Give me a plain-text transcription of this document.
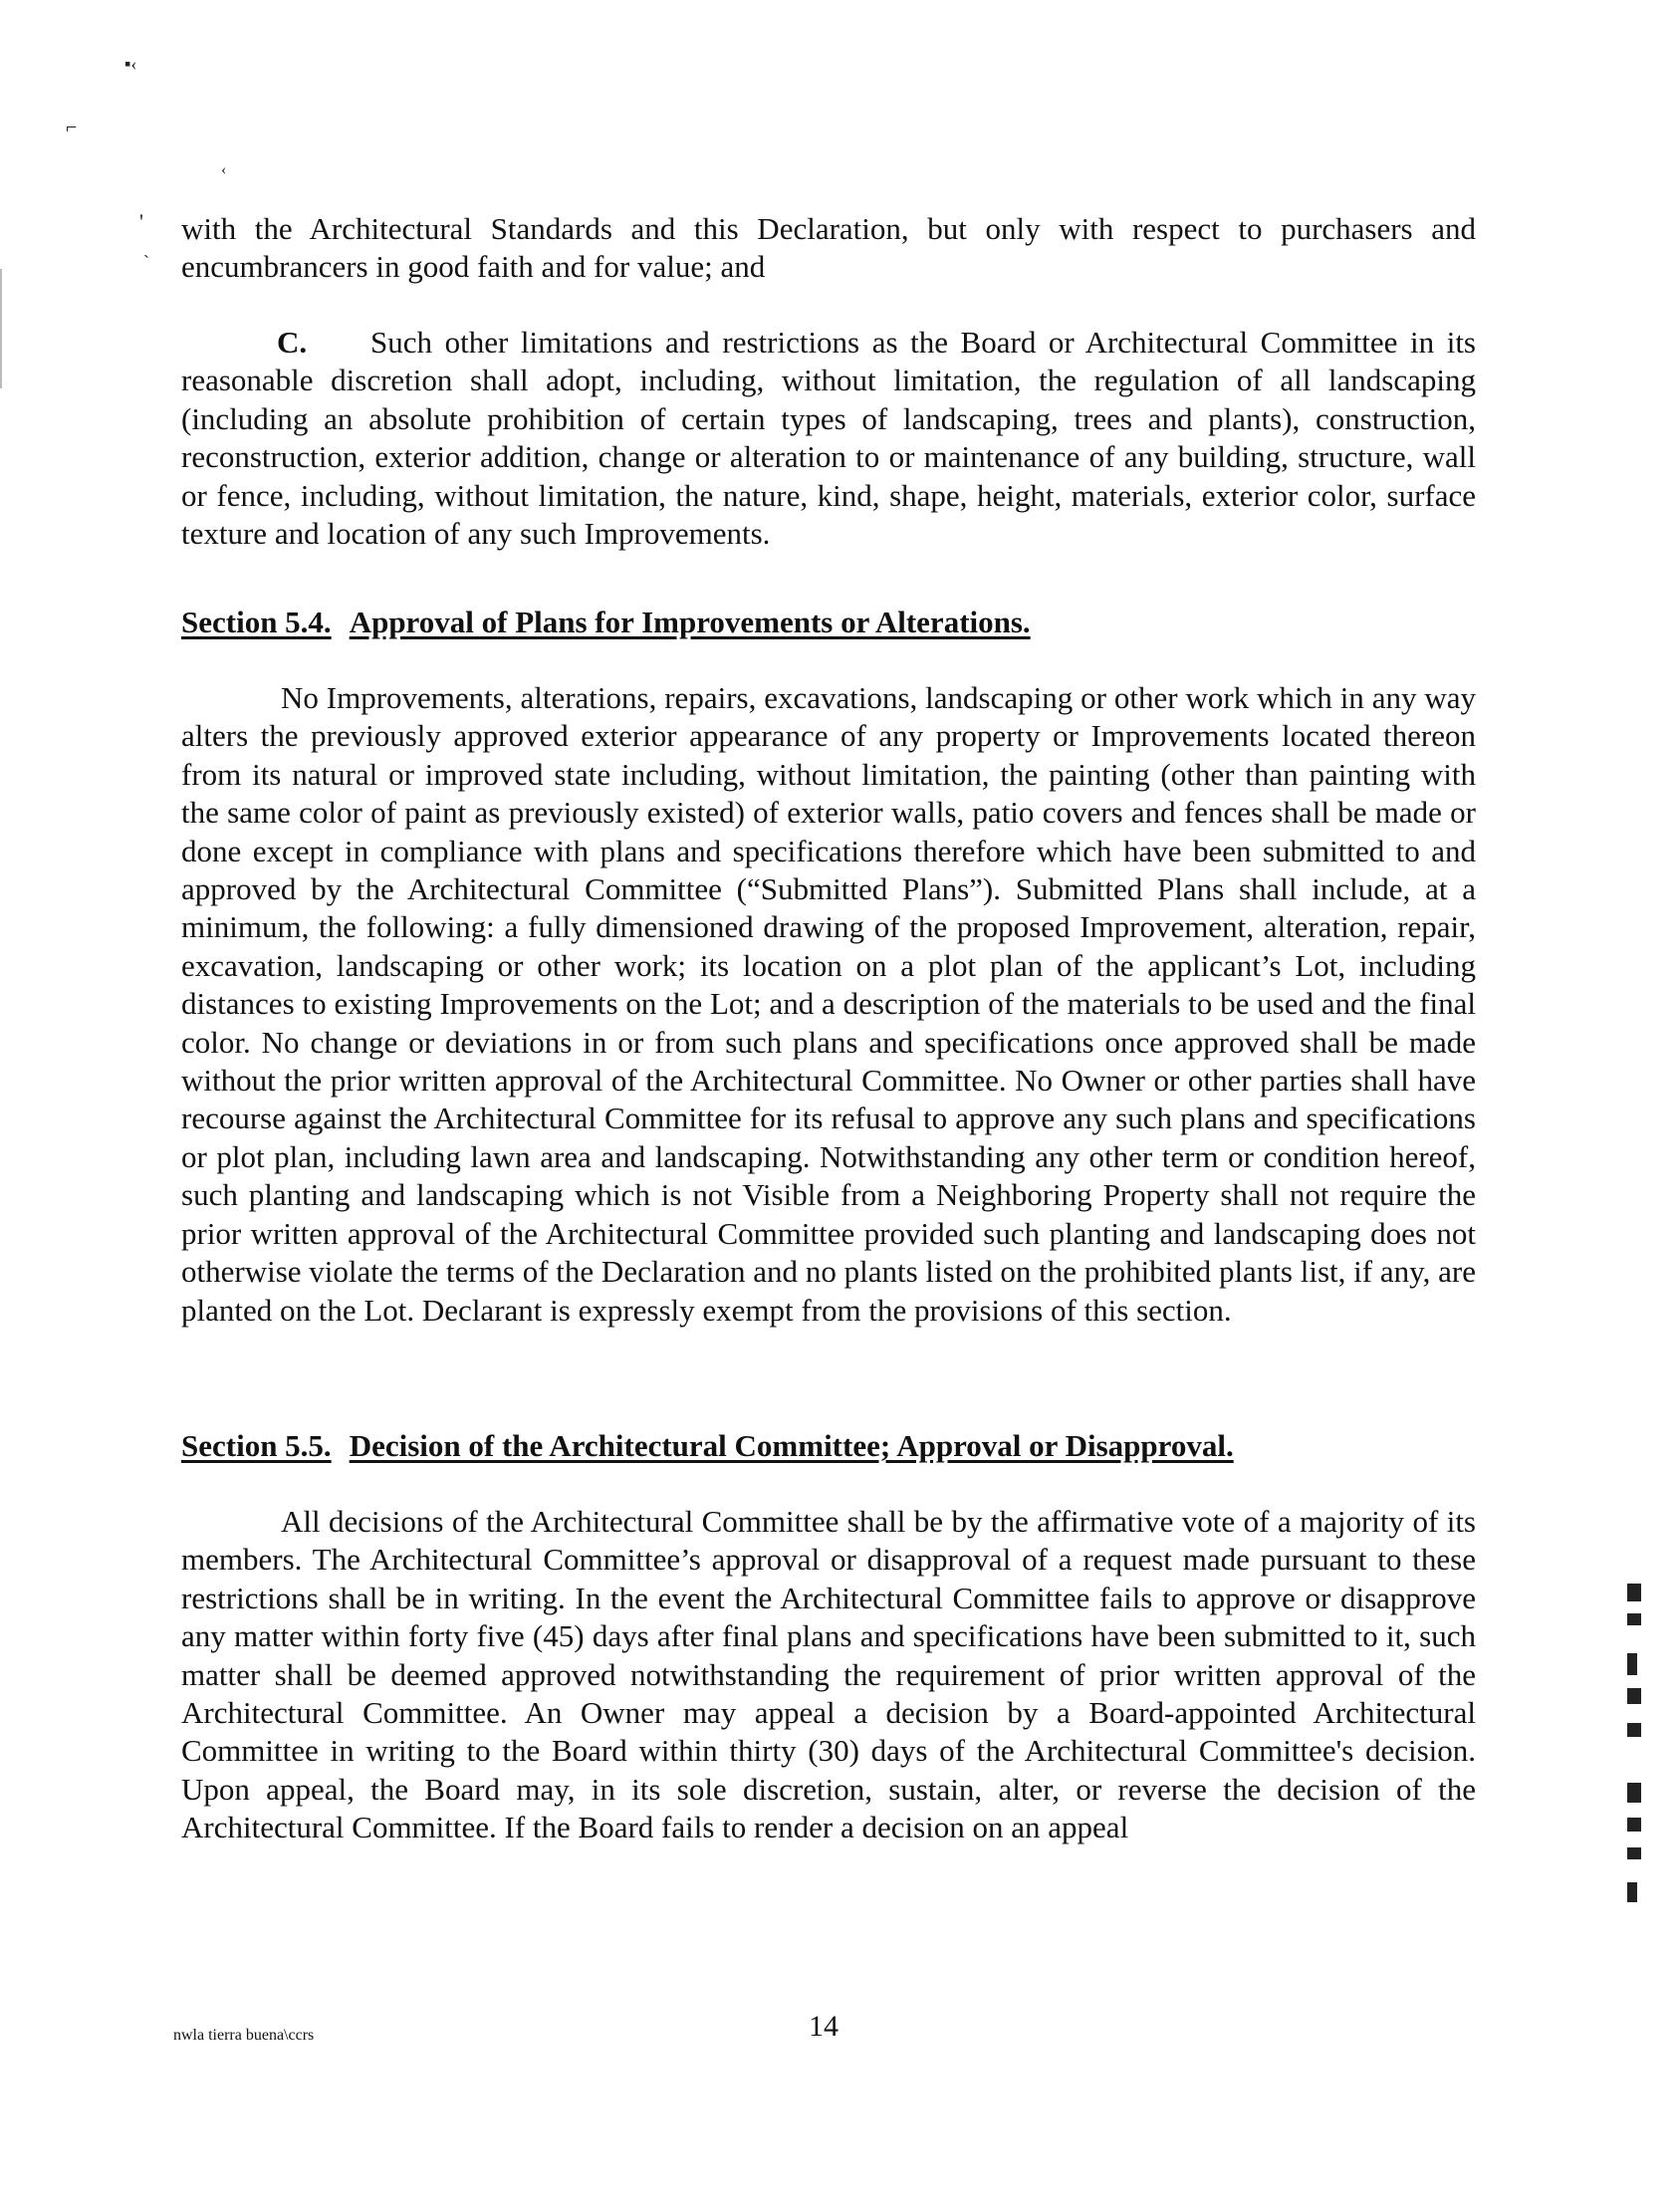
▪‹
⌐
‹
'
`

with the Architectural Standards and this Declaration, but only with respect to purchasers and encumbrancers in good faith and for value; and

C. Such other limitations and restrictions as the Board or Architectural Committee in its reasonable discretion shall adopt, including, without limitation, the regulation of all landscaping (including an absolute prohibition of certain types of landscaping, trees and plants), construction, reconstruction, exterior addition, change or alteration to or maintenance of any building, structure, wall or fence, including, without limitation, the nature, kind, shape, height, materials, exterior color, surface texture and location of any such Improvements.

Section 5.4. Approval of Plans for Improvements or Alterations.

No Improvements, alterations, repairs, excavations, landscaping or other work which in any way alters the previously approved exterior appearance of any property or Improvements located thereon from its natural or improved state including, without limitation, the painting (other than painting with the same color of paint as previously existed) of exterior walls, patio covers and fences shall be made or done except in compliance with plans and specifications therefore which have been submitted to and approved by the Architectural Committee (“Submitted Plans”). Submitted Plans shall include, at a minimum, the following: a fully dimensioned drawing of the proposed Improvement, alteration, repair, excavation, landscaping or other work; its location on a plot plan of the applicant’s Lot, including distances to existing Improvements on the Lot; and a description of the materials to be used and the final color. No change or deviations in or from such plans and specifications once approved shall be made without the prior written approval of the Architectural Committee. No Owner or other parties shall have recourse against the Architectural Committee for its refusal to approve any such plans and specifications or plot plan, including lawn area and landscaping. Notwithstanding any other term or condition hereof, such planting and landscaping which is not Visible from a Neighboring Property shall not require the prior written approval of the Architectural Committee provided such planting and landscaping does not otherwise violate the terms of the Declaration and no plants listed on the prohibited plants list, if any, are planted on the Lot. Declarant is expressly exempt from the provisions of this section.

Section 5.5. Decision of the Architectural Committee; Approval or Disapproval.

All decisions of the Architectural Committee shall be by the affirmative vote of a majority of its members. The Architectural Committee’s approval or disapproval of a request made pursuant to these restrictions shall be in writing. In the event the Architectural Committee fails to approve or disapprove any matter within forty five (45) days after final plans and specifications have been submitted to it, such matter shall be deemed approved notwithstanding the requirement of prior written approval of the Architectural Committee. An Owner may appeal a decision by a Board-appointed Architectural Committee in writing to the Board within thirty (30) days of the Architectural Committee's decision. Upon appeal, the Board may, in its sole discretion, sustain, alter, or reverse the decision of the Architectural Committee. If the Board fails to render a decision on an appeal

nwla tierra buena\ccrs	14
